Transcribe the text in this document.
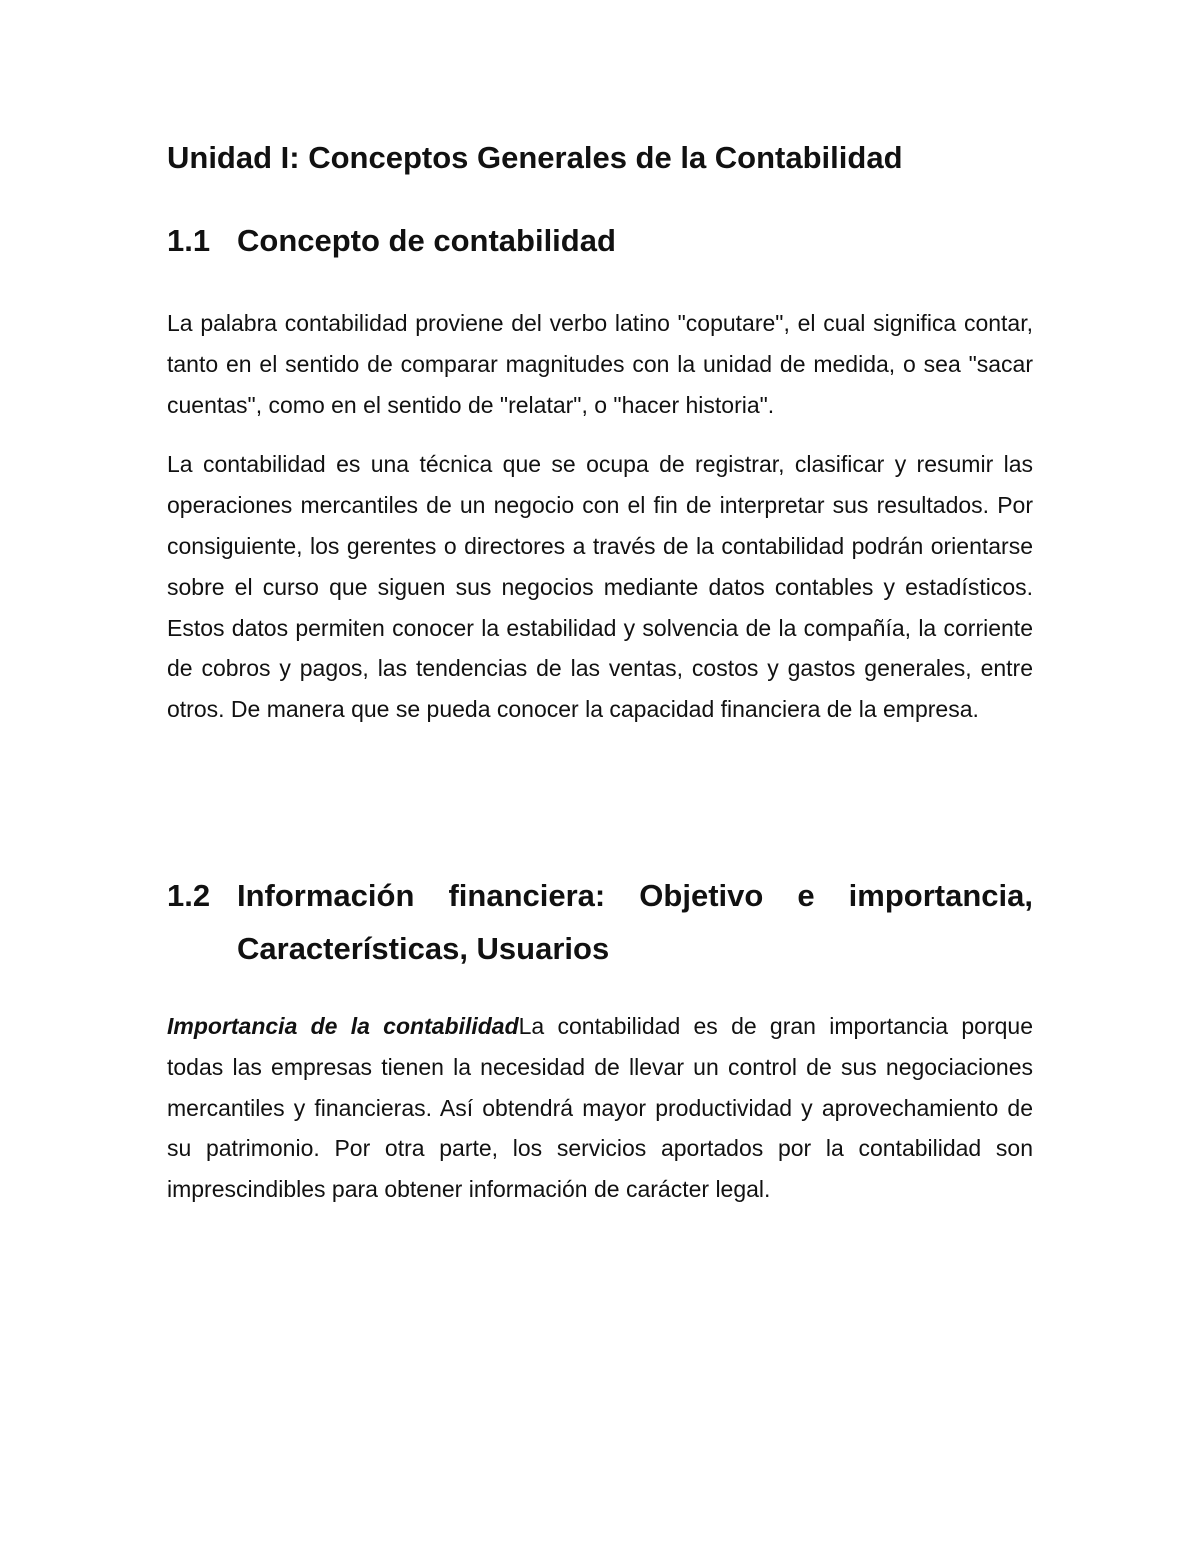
Unidad I: Conceptos Generales de la Contabilidad
1.1 Concepto de contabilidad

La palabra contabilidad proviene del verbo latino "coputare", el cual significa contar, tanto en el sentido de comparar magnitudes con la unidad de medida, o sea "sacar cuentas", como en el sentido de "relatar", o "hacer historia".

La contabilidad es una técnica que se ocupa de registrar, clasificar y resumir las operaciones mercantiles de un negocio con el fin de interpretar sus resultados. Por consiguiente, los gerentes o directores a través de la contabilidad podrán orientarse sobre el curso que siguen sus negocios mediante datos contables y estadísticos. Estos datos permiten conocer la estabilidad y solvencia de la compañía, la corriente de cobros y pagos, las tendencias de las ventas, costos y gastos generales, entre otros. De manera que se pueda conocer la capacidad financiera de la empresa.

1.2 Información financiera: Objetivo e importancia,
Características, Usuarios

Importancia de la contabilidadLa contabilidad es de gran importancia porque todas las empresas tienen la necesidad de llevar un control de sus negociaciones mercantiles y financieras. Así obtendrá mayor productividad y aprovechamiento de su patrimonio. Por otra parte, los servicios aportados por la contabilidad son imprescindibles para obtener información de carácter legal.
